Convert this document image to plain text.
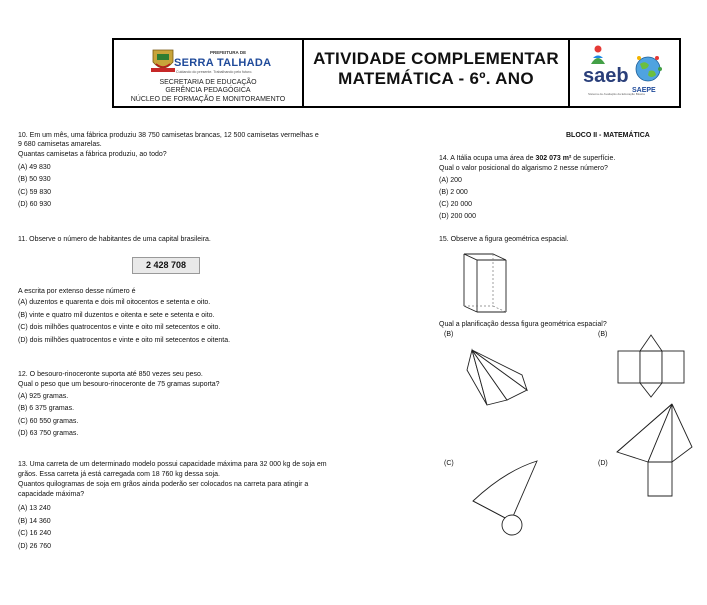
PREFEITURA DE
SERRA TALHADA
Cuidando do presente. Trabalhando pelo futuro.
SECRETARIA DE EDUCAÇÃO
GERÊNCIA PEDAGÓGICA
NÚCLEO DE FORMAÇÃO E MONITORAMENTO
ATIVIDADE COMPLEMENTAR
MATEMÁTICA - 6º. ANO	saeb
Sistema de Avaliação da Educação Básica
SAEPE
10. Em um mês, uma fábrica produziu 38 750 camisetas brancas, 12 500 camisetas vermelhas e
9 680 camisetas amarelas.
Quantas camisetas a fábrica produziu, ao todo?
(A) 49 830
(B) 50 930
(C) 59 830
(D) 60 930
11. Observe o número de habitantes de uma capital brasileira.
2 428 708
A escrita por extenso desse número é
(A) duzentos e quarenta e dois mil oitocentos e setenta e oito.
(B) vinte e quatro mil duzentos e oitenta e sete e setenta e oito.
(C) dois milhões quatrocentos e vinte e oito mil setecentos e oito.
(D) dois milhões quatrocentos e vinte e oito mil setecentos e oitenta.
12. O besouro-rinoceronte suporta até 850 vezes seu peso.
Qual o peso que um besouro-rinoceronte de 75 gramas suporta?
(A) 925 gramas.
(B) 6 375 gramas.
(C) 60 550 gramas.
(D) 63 750 gramas.
13. Uma carreta de um determinado modelo possui capacidade máxima para 32 000 kg de soja em
grãos. Essa carreta já está carregada com 18 760 kg dessa soja.
Quantos quilogramas de soja em grãos ainda poderão ser colocados na carreta para atingir a
capacidade máxima?
(A) 13 240
(B) 14 360
(C) 16 240
(D) 26 760
BLOCO II - MATEMÁTICA
14. A Itália ocupa uma área de 302 073 m² de superfície.
Qual o valor posicional do algarismo 2 nesse número?
(A) 200
(B) 2 000
(C) 20 000
(D) 200 000
15. Observe a figura geométrica espacial.
Qual a planificação dessa figura geométrica espacial?
(B)	(B)
(C)	(D)
